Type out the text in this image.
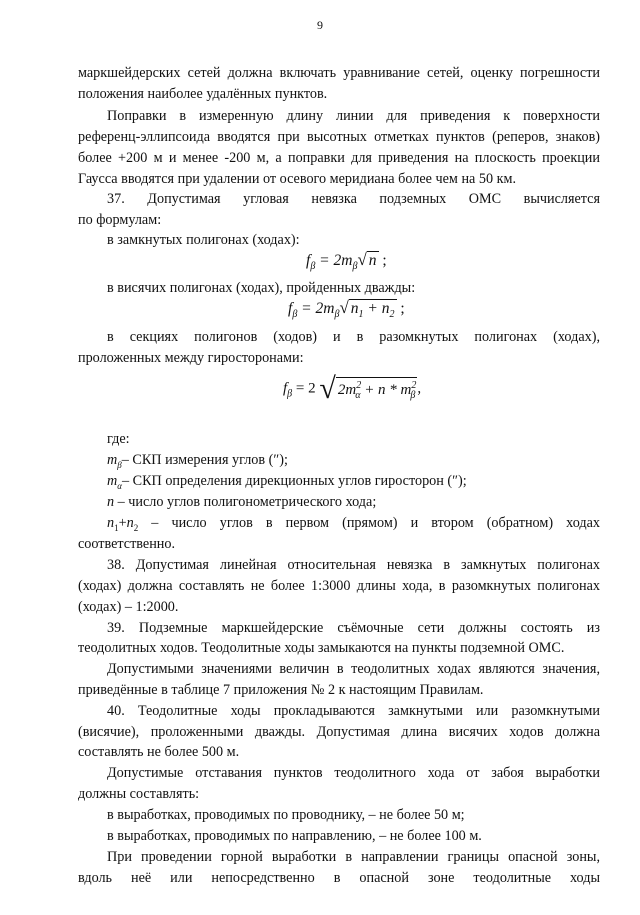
9
маркшейдерских сетей должна включать уравнивание сетей, оценку погрешности
положения наиболее удалённых пунктов.
Поправки в измеренную длину линии для приведения к поверхности
референц-эллипсоида вводятся при высотных отметках пунктов (реперов, знаков)
более +200 м и менее -200 м, а поправки для приведения на плоскость проекции
Гаусса вводятся при удалении от осевого меридиана более чем на 50 км.
37. Допустимая угловая невязка подземных ОМС вычисляется
по формулам:
в замкнутых полигонах (ходах):
$f_\beta = 2m_\beta√$ n ;
в висячих полигонах (ходах), пройденных дважды:
$f_\beta = 2m_\beta√$ $n_1 + n_2$ ;
в секциях полигонов (ходов) и в разомкнутых полигонах (ходах),
проложенных между гиросторонами:
$f_\beta = 2$ √ $2m^2_\alpha + n * m^2_\beta$ ,
где:
$m_\beta-$ СКП измерения углов (″);
$m_\alpha-$ СКП определения дирекционных углов гиросторон (″);
n – число углов полигонометрического хода;
$n_1+n_2$ – число углов в первом (прямом) и втором (обратном) ходах
соответственно.
38. Допустимая линейная относительная невязка в замкнутых полигонах
(ходах) должна составлять не более 1:3000 длины хода, в разомкнутых полигонах
(ходах) – 1:2000.
39. Подземные маркшейдерские съёмочные сети должны состоять из
теодолитных ходов. Теодолитные ходы замыкаются на пункты подземной ОМС.
Допустимыми значениями величин в теодолитных ходах являются значения,
приведённые в таблице 7 приложения № 2 к настоящим Правилам.
40. Теодолитные ходы прокладываются замкнутыми или разомкнутыми
(висячие), проложенными дважды. Допустимая длина висячих ходов должна
составлять не более 500 м.
Допустимые отставания пунктов теодолитного хода от забоя выработки
должны составлять:
в выработках, проводимых по проводнику, – не более 50 м;
в выработках, проводимых по направлению, – не более 100 м.
При проведении горной выработки в направлении границы опасной зоны,
вдоль неё или непосредственно в опасной зоне теодолитные ходы
